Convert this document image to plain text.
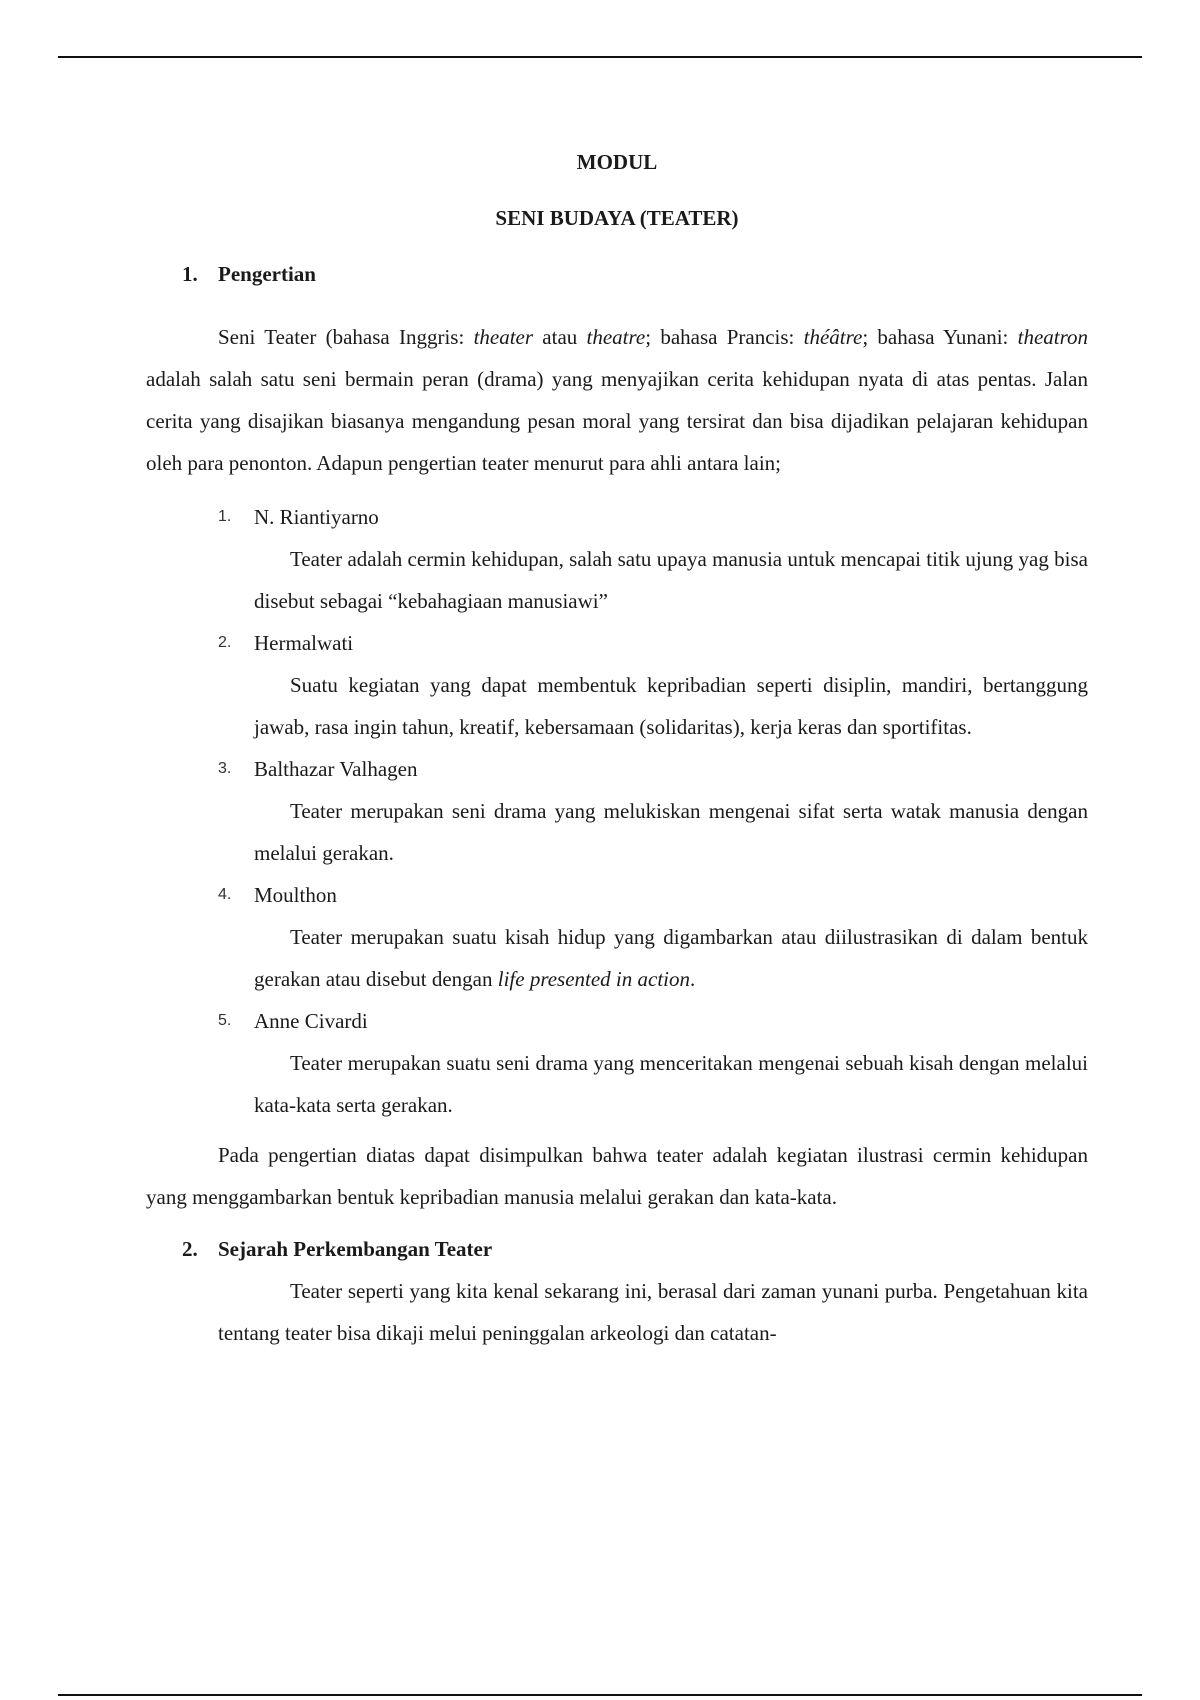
MODUL

SENI BUDAYA (TEATER)

1. Pengertian

Seni Teater (bahasa Inggris: theater atau theatre; bahasa Prancis: théâtre; bahasa Yunani: theatron adalah salah satu seni bermain peran (drama) yang menyajikan cerita kehidupan nyata di atas pentas. Jalan cerita yang disajikan biasanya mengandung pesan moral yang tersirat dan bisa dijadikan pelajaran kehidupan oleh para penonton. Adapun pengertian teater menurut para ahli antara lain;

1. N. Riantiyarno
Teater adalah cermin kehidupan, salah satu upaya manusia untuk mencapai titik ujung yag bisa disebut sebagai “kebahagiaan manusiawi”
2. Hermalwati
Suatu kegiatan yang dapat membentuk kepribadian seperti disiplin, mandiri, bertanggung jawab, rasa ingin tahun, kreatif, kebersamaan (solidaritas), kerja keras dan sportifitas.
3. Balthazar Valhagen
Teater merupakan seni drama yang melukiskan mengenai sifat serta watak manusia dengan melalui gerakan.
4. Moulthon
Teater merupakan suatu kisah hidup yang digambarkan atau diilustrasikan di dalam bentuk gerakan atau disebut dengan life presented in action.
5. Anne Civardi
Teater merupakan suatu seni drama yang menceritakan mengenai sebuah kisah dengan melalui kata-kata serta gerakan.

Pada pengertian diatas dapat disimpulkan bahwa teater adalah kegiatan ilustrasi cermin kehidupan yang menggambarkan bentuk kepribadian manusia melalui gerakan dan kata-kata.

2. Sejarah Perkembangan Teater

Teater seperti yang kita kenal sekarang ini, berasal dari zaman yunani purba. Pengetahuan kita tentang teater bisa dikaji melui peninggalan arkeologi dan catatan-
